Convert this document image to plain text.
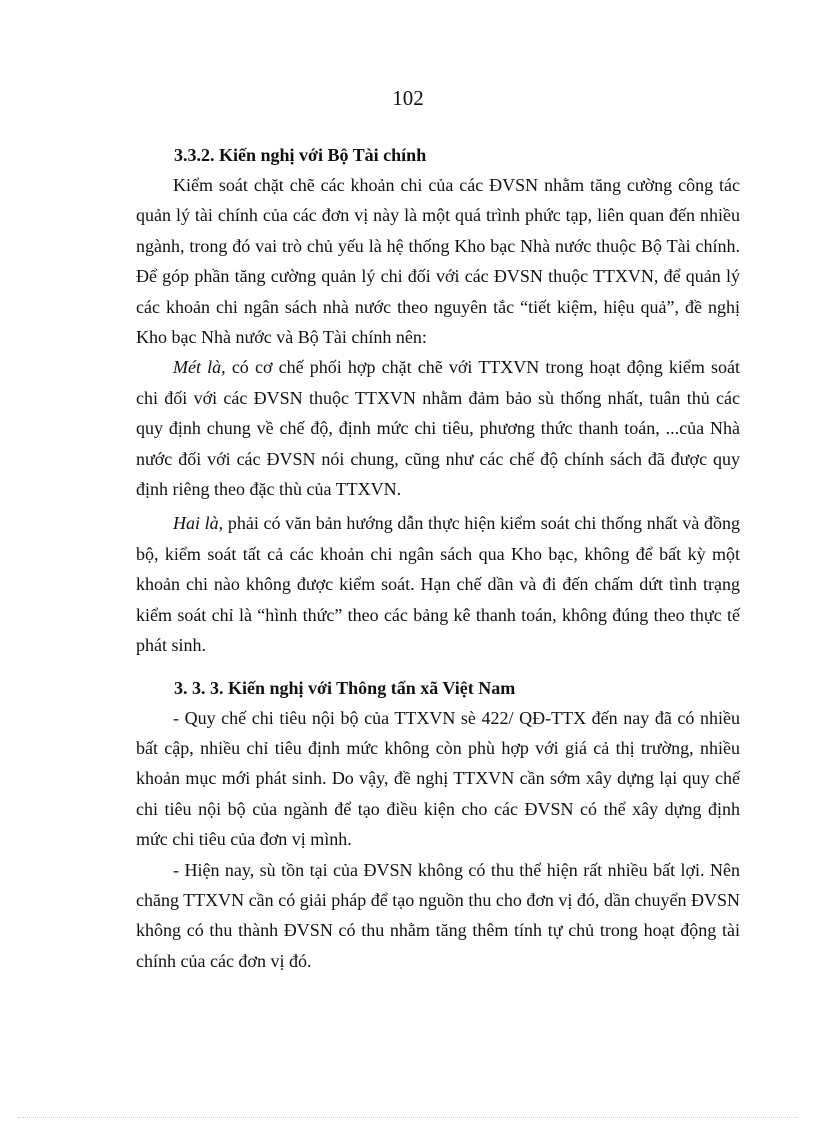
102

3.3.2. Kiến nghị với Bộ Tài chính

Kiểm soát chặt chẽ các khoản chi của các ĐVSN nhằm tăng cường công tác quản lý tài chính của các đơn vị này là một quá trình phức tạp, liên quan đến nhiều ngành, trong đó vai trò chủ yếu là hệ thống Kho bạc Nhà nước thuộc Bộ Tài chính. Để góp phần tăng cường quản lý chi đối với các ĐVSN thuộc TTXVN, để quản lý các khoản chi ngân sách nhà nước theo nguyên tắc “tiết kiệm, hiệu quả”, đề nghị Kho bạc Nhà nước và Bộ Tài chính nên:

Mét là, có cơ chế phối hợp chặt chẽ với TTXVN trong hoạt động kiểm soát chi đối với các ĐVSN thuộc TTXVN nhằm đảm bảo sù thống nhất, tuân thủ các quy định chung về chế độ, định mức chi tiêu, phương thức thanh toán, ...của Nhà nước đối với các ĐVSN nói chung, cũng như các chế độ chính sách đã được quy định riêng theo đặc thù của TTXVN.

Hai là, phải có văn bản hướng dẫn thực hiện kiểm soát chi thống nhất và đồng bộ, kiểm soát tất cả các khoản chi ngân sách qua Kho bạc, không để bất kỳ một khoản chi nào không được kiểm soát. Hạn chế dần và đi đến chấm dứt tình trạng kiểm soát chỉ là “hình thức” theo các bảng kê thanh toán, không đúng theo thực tế phát sinh.

3. 3. 3. Kiến nghị với Thông tấn xã Việt Nam

- Quy chế chi tiêu nội bộ của TTXVN sè 422/ QĐ-TTX đến nay đã có nhiều bất cập, nhiều chỉ tiêu định mức không còn phù hợp với giá cả thị trường, nhiều khoản mục mới phát sinh. Do vậy, đề nghị TTXVN cần sớm xây dựng lại quy chế chi tiêu nội bộ của ngành để tạo điều kiện cho các ĐVSN có thể xây dựng định mức chi tiêu của đơn vị mình.

- Hiện nay, sù tồn tại của ĐVSN không có thu thể hiện rất nhiều bất lợi. Nên chăng TTXVN cần có giải pháp để tạo nguồn thu cho đơn vị đó, dần chuyển ĐVSN không có thu thành ĐVSN có thu nhằm tăng thêm tính tự chủ trong hoạt động tài chính của các đơn vị đó.
